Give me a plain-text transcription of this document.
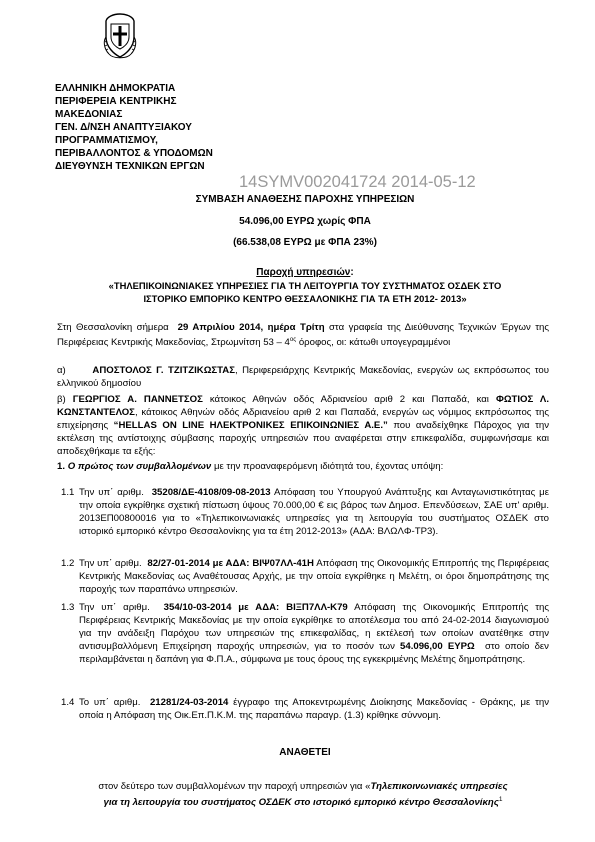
ΕΛΛΗΝΙΚΗ ΔΗΜΟΚΡΑΤΙΑ
ΠΕΡΙΦΕΡΕΙΑ ΚΕΝΤΡΙΚΗΣ
ΜΑΚΕΔΟΝΙΑΣ
ΓΕΝ. Δ/ΝΣΗ ΑΝΑΠΤΥΞΙΑΚΟΥ
ΠΡΟΓΡΑΜΜΑΤΙΣΜΟΥ,
ΠΕΡΙΒΑΛΛΟΝΤΟΣ & ΥΠΟΔΟΜΩΝ
ΔΙΕΥΘΥΝΣΗ ΤΕΧΝΙΚΩΝ ΕΡΓΩΝ
14SYMV002041724 2014-05-12
ΣΥΜΒΑΣΗ ΑΝΑΘΕΣΗΣ ΠΑΡΟΧΗΣ ΥΠΗΡΕΣΙΩΝ
54.096,00 ΕΥΡΩ χωρίς ΦΠΑ
(66.538,08 ΕΥΡΩ με ΦΠΑ 23%)
Παροχή υπηρεσιών:
«ΤΗΛΕΠΙΚΟΙΝΩΝΙΑΚΕΣ ΥΠΗΡΕΣΙΕΣ ΓΙΑ ΤΗ ΛΕΙΤΟΥΡΓΙΑ ΤΟΥ ΣΥΣΤΗΜΑΤΟΣ ΟΣΔΕΚ ΣΤΟ
ΙΣΤΟΡΙΚΟ ΕΜΠΟΡΙΚΟ ΚΕΝΤΡΟ ΘΕΣΣΑΛΟΝΙΚΗΣ ΓΙΑ ΤΑ ΕΤΗ 2012- 2013»
Στη Θεσσαλονίκη σήμερα 29 Απριλίου 2014, ημέρα Τρίτη στα γραφεία της Διεύθυνσης Τεχνικών Έργων της Περιφέρειας Κεντρικής Μακεδονίας, Στρωμνίτση $53 - 4^{o\varsigma}$ όροφος, οι: κάτωθι υπογεγραμμένοι
α)	ΑΠΟΣΤΟΛΟΣ Γ. ΤΖΙΤΖΙΚΩΣΤΑΣ, Περιφερειάρχης Κεντρικής Μακεδονίας, ενεργών ως εκπρόσωπος του ελληνικού δημοσίου
β) ΓΕΩΡΓΙΟΣ Α. ΠΑΝΝΕΤΣΟΣ κάτοικος Αθηνών οδός Αδριανείου αριθ 2 και Παπαδά, και ΦΩΤΙΟΣ Λ. ΚΩΝΣΤΑΝΤΕΛΟΣ, κάτοικος Αθηνών οδός Αδριανείου αριθ 2 και Παπαδά, ενεργών ως νόμιμος εκπρόσωπος της επιχείρησης “HELLAS ON LINE ΗΛΕΚΤΡΟΝΙΚΕΣ ΕΠΙΚΟΙΝΩΝΙΕΣ Α.Ε.” που αναδείχθηκε Πάροχος για την εκτέλεση της αντίστοιχης σύμβασης παροχής υπηρεσιών που αναφέρεται στην επικεφαλίδα, συμφωνήσαμε και αποδεχθήκαμε τα εξής:
1. Ο πρώτος των συμβαλλομένων με την προαναφερόμενη ιδιότητά του, έχοντας υπόψη:
1.1 Την υπ΄ αριθμ. 35208/ΔΕ-4108/09-08-2013 Απόφαση του Υπουργού Ανάπτυξης και Ανταγωνιστικότητας με την οποία εγκρίθηκε σχετική πίστωση ύψους 70.000,00 € εις βάρος των Δημοσ. Επενδύσεων, ΣΑΕ υπ' αριθμ. 2013ΕΠ00800016 για το «Τηλεπικοινωνιακές υπηρεσίες για τη λειτουργία του συστήματος ΟΣΔΕΚ στο ιστορικό εμπορικό κέντρο Θεσσαλονίκης για τα έτη 2012-2013» (ΑΔΑ: ΒΛΩΛΦ-ΤΡ3).
1.2 Την υπ΄ αριθμ. 82/27-01-2014 με ΑΔΑ: ΒΙΨ07ΛΛ-41Η Απόφαση της Οικονομικής Επιτροπής της Περιφέρειας Κεντρικής Μακεδονίας ως Αναθέτουσας Αρχής, με την οποία εγκρίθηκε η Μελέτη, οι όροι δημοπράτησης της παροχής των παραπάνω υπηρεσιών.
1.3 Την υπ΄ αριθμ. 354/10-03-2014 με ΑΔΑ: ΒΙΞΠ7ΛΛ-Κ79 Απόφαση της Οικονομικής Επιτροπής της Περιφέρειας Κεντρικής Μακεδονίας με την οποία εγκρίθηκε το αποτέλεσμα του από 24-02-2014 διαγωνισμού για την ανάδειξη Παρόχου των υπηρεσιών της επικεφαλίδας, η εκτέλεσή των οποίων ανατέθηκε στην αντισυμβαλλόμενη Επιχείρηση παροχής υπηρεσιών, για το ποσόν των 54.096,00 ΕΥΡΩ στο οποίο δεν περιλαμβάνεται η δαπάνη για Φ.Π.Α., σύμφωνα με τους όρους της εγκεκριμένης Μελέτης δημοπράτησης.
1.4 Το υπ΄ αριθμ. 21281/24-03-2014 έγγραφο της Αποκεντρωμένης Διοίκησης Μακεδονίας - Θράκης, με την οποία η Απόφαση της Οικ.Επ.Π.Κ.Μ. της παραπάνω παραγρ. (1.3) κρίθηκε σύννομη.
ΑΝΑΘΕΤΕΙ
στον δεύτερο των συμβαλλομένων την παροχή υπηρεσιών για «Τηλεπικοινωνιακές υπηρεσίες
για τη λειτουργία του συστήματος ΟΣΔΕΚ στο ιστορικό εμπορικό κέντρο Θεσσαλονίκης$^1$
